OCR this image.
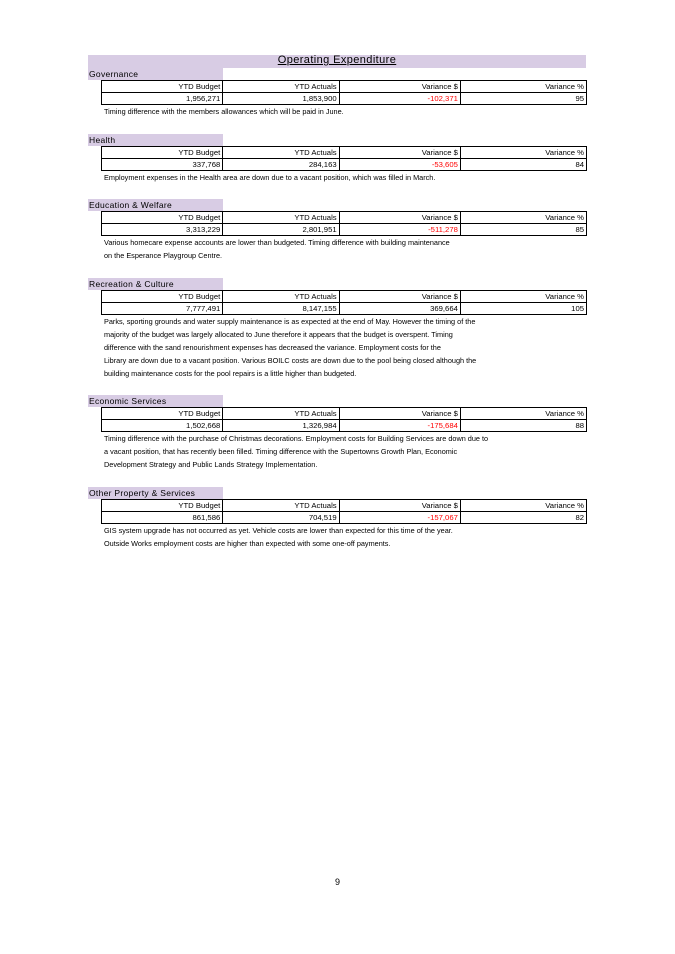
Operating Expenditure
Governance
YTD Budget	YTD Actuals	Variance $	Variance %
1,956,271	1,853,900	-102,371	95
Timing difference with the members allowances which will be paid in June.
Health
YTD Budget	YTD Actuals	Variance $	Variance %
337,768	284,163	-53,605	84
Employment expenses in the Health area are down due to a vacant position, which was filled in March.
Education & Welfare
YTD Budget	YTD Actuals	Variance $	Variance %
3,313,229	2,801,951	-511,278	85
Various homecare expense accounts are lower than budgeted. Timing difference with building maintenance
on the Esperance Playgroup Centre.
Recreation & Culture
YTD Budget	YTD Actuals	Variance $	Variance %
7,777,491	8,147,155	369,664	105
Parks, sporting grounds and water supply maintenance is as expected at the end of May. However the timing of the
majority of the budget was largely allocated to June therefore it appears that the budget is overspent. Timing
difference with the sand renourishment expenses has decreased the variance. Employment costs for the
Library are down due to a vacant position. Various BOILC costs are down due to the pool being closed although the
building maintenance costs for the pool repairs is a little higher than budgeted.
Economic Services
YTD Budget	YTD Actuals	Variance $	Variance %
1,502,668	1,326,984	-175,684	88
Timing difference with the purchase of Christmas decorations. Employment costs for Building Services are down due to
a vacant position, that has recently been filled. Timing difference with the Supertowns Growth Plan, Economic
Development Strategy and Public Lands Strategy Implementation.
Other Property & Services
YTD Budget	YTD Actuals	Variance $	Variance %
861,586	704,519	-157,067	82
GIS system upgrade has not occurred as yet. Vehicle costs are lower than expected for this time of the year.
Outside Works employment costs are higher than expected with some one-off payments.
9
